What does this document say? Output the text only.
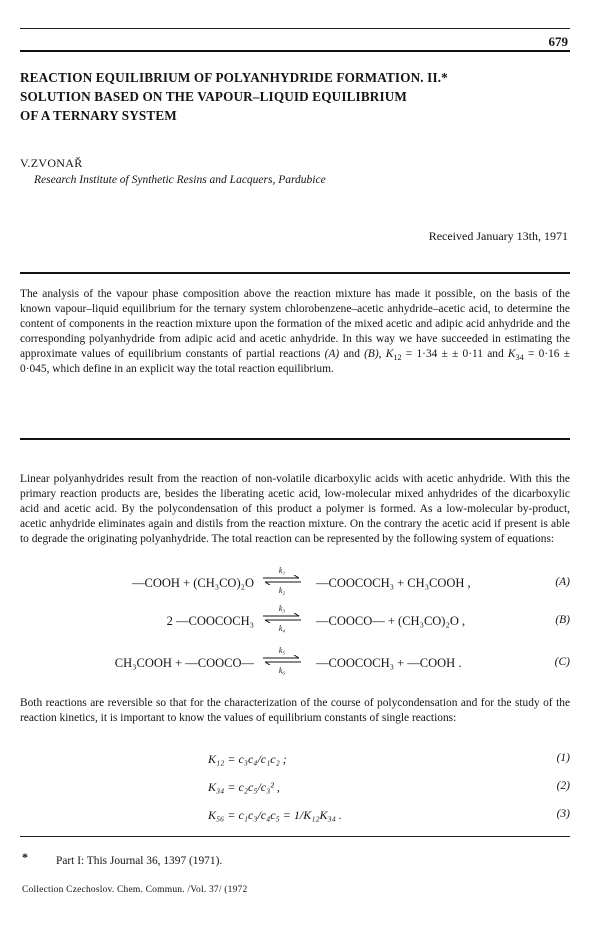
679
REACTION EQUILIBRIUM OF POLYANHYDRIDE FORMATION. II.*
SOLUTION BASED ON THE VAPOUR–LIQUID EQUILIBRIUM
OF A TERNARY SYSTEM
V.ZVONAŘ
Research Institute of Synthetic Resins and Lacquers, Pardubice
Received January 13th, 1971
The analysis of the vapour phase composition above the reaction mixture has made it possible, on the basis of the known vapour–liquid equilibrium for the ternary system chlorobenzene–acetic anhydride–acetic acid, to determine the content of components in the reaction mixture upon the formation of the mixed acetic and adipic acid anhydride and the corresponding polyanhydride from adipic acid and acetic anhydride. In this way we have succeeded in estimating the approximate values of equilibrium constants of partial reactions (A) and (B), $K_{12} = 1\cdot 34$ ± ± 0·11 and $K_{34} = 0\cdot 16 \pm 0\cdot 045$, which define in an explicit way the total reaction equilibrium.
Linear polyanhydrides result from the reaction of non-volatile dicarboxylic acids with acetic anhydride. With this the primary reaction products are, besides the liberating acetic acid, low-molecular mixed anhydrides of the dicarboxylic acid and acetic acid. By the polycondensation of this product a polymer is formed. As a low-molecular by-product, acetic anhydride eliminates again and distils from the reaction mixture. On the contrary the acetic acid if present is able to degrade the originating polyanhydride. The total reaction can be represented by the following system of equations:
—COOH + (CH₃CO)₂O
k₁
k₂
—COOCOCH₃ + CH₃COOH ,	(A)
2 —COOCOCH₃
k₃
k₄
—COOCO— + (CH₃CO)₂O ,	(B)
CH₃COOH + —COOCO—
k₅
k₆
—COOCOCH₃ + —COOH .	(C)
Both reactions are reversible so that for the characterization of the course of polycondensation and for the study of the reaction kinetics, it is important to know the values of equilibrium constants of single reactions:
K₁₂ = c₃c₄/c₁c₂ ;	(1)
K₃₄ = c₂c₅/c₃² ,	(2)
K₅₆ = c₁c₃/c₄c₅ = 1/K₁₂K₃₄ .	(3)
* Part I: This Journal 36, 1397 (1971).
Collection Czechoslov. Chem. Commun. /Vol. 37/ (1972
